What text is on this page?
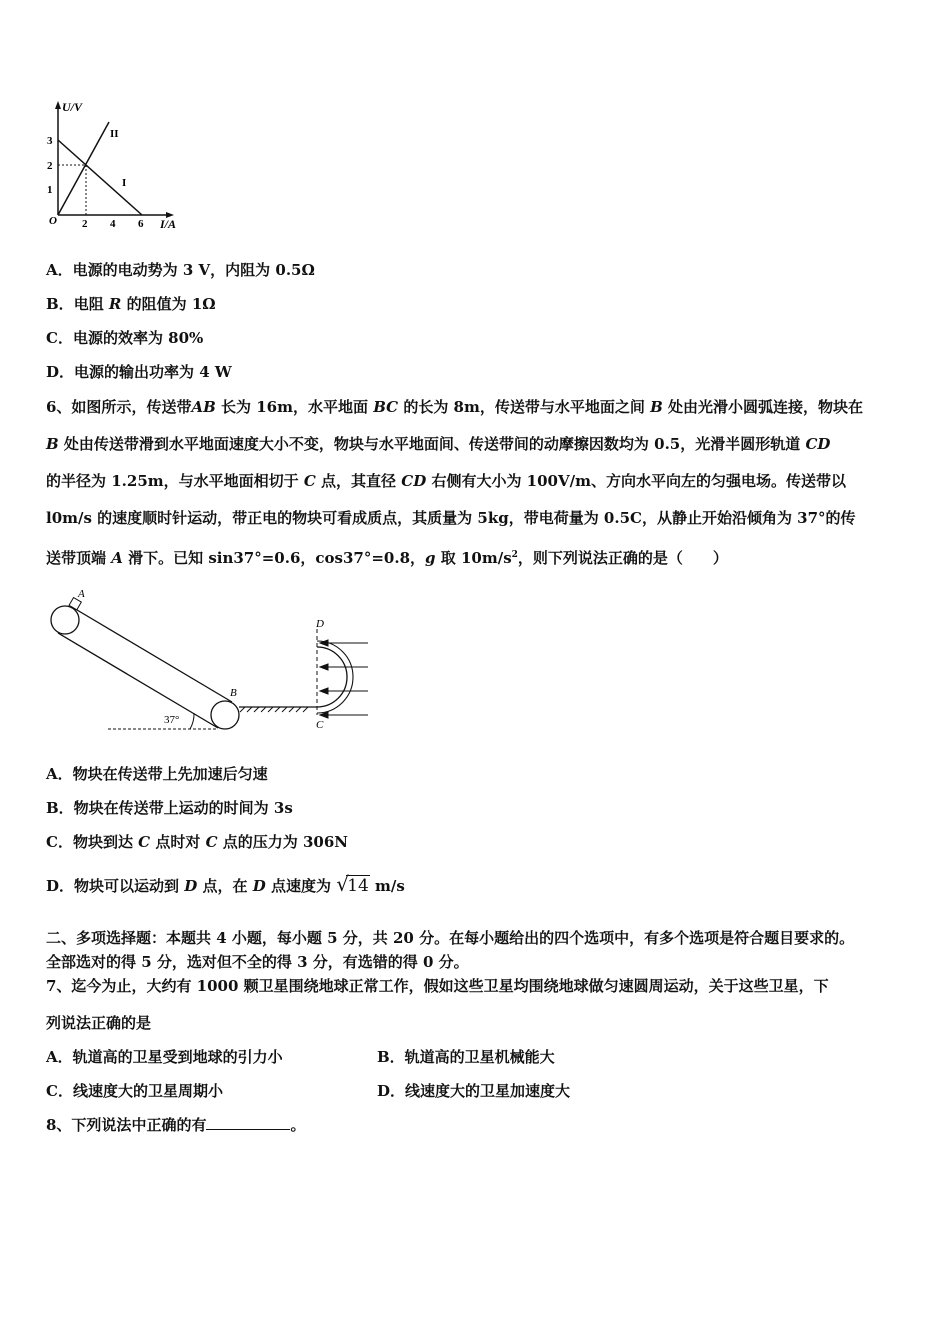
U/V
I/A
O
3
2
1
2 4 6
II
I
A．电源的电动势为 3 V，内阻为 0.5Ω
B．电阻 R 的阻值为 1Ω
C．电源的效率为 80%
D．电源的输出功率为 4 W
6、如图所示，传送带AB 长为 16m，水平地面 BC 的长为 8m，传送带与水平地面之间 B 处由光滑小圆弧连接，物块在
B 处由传送带滑到水平地面速度大小不变，物块与水平地面间、传送带间的动摩擦因数均为 0.5，光滑半圆形轨道 CD
的半径为 1.25m，与水平地面相切于 C 点，其直径 CD 右侧有大小为 100V/m、方向水平向左的匀强电场。传送带以
l0m/s 的速度顺时针运动，带正电的物块可看成质点，其质量为 5kg，带电荷量为 0.5C，从静止开始沿倾角为 37°的传
送带顶端 A 滑下。已知 sin37°=0.6，cos37°=0.8，g 取 $10m/s^2$，则下列说法正确的是（　　）
37°
A
B
C
D
A．物块在传送带上先加速后匀速
B．物块在传送带上运动的时间为 3s
C．物块到达 C 点时对 C 点的压力为 306N
D．物块可以运动到 D 点，在 D 点速度为 √
14 m/s
二、多项选择题：本题共 4 小题，每小题 5 分，共 20 分。在每小题给出的四个选项中，有多个选项是符合题目要求的。
全部选对的得 5 分，选对但不全的得 3 分，有选错的得 0 分。
7、迄今为止，大约有 1000 颗卫星围绕地球正常工作，假如这些卫星均围绕地球做匀速圆周运动，关于这些卫星，下
列说法正确的是
A．轨道高的卫星受到地球的引力小	B．轨道高的卫星机械能大
C．线速度大的卫星周期小	D．线速度大的卫星加速度大
8、下列说法中正确的有	。
